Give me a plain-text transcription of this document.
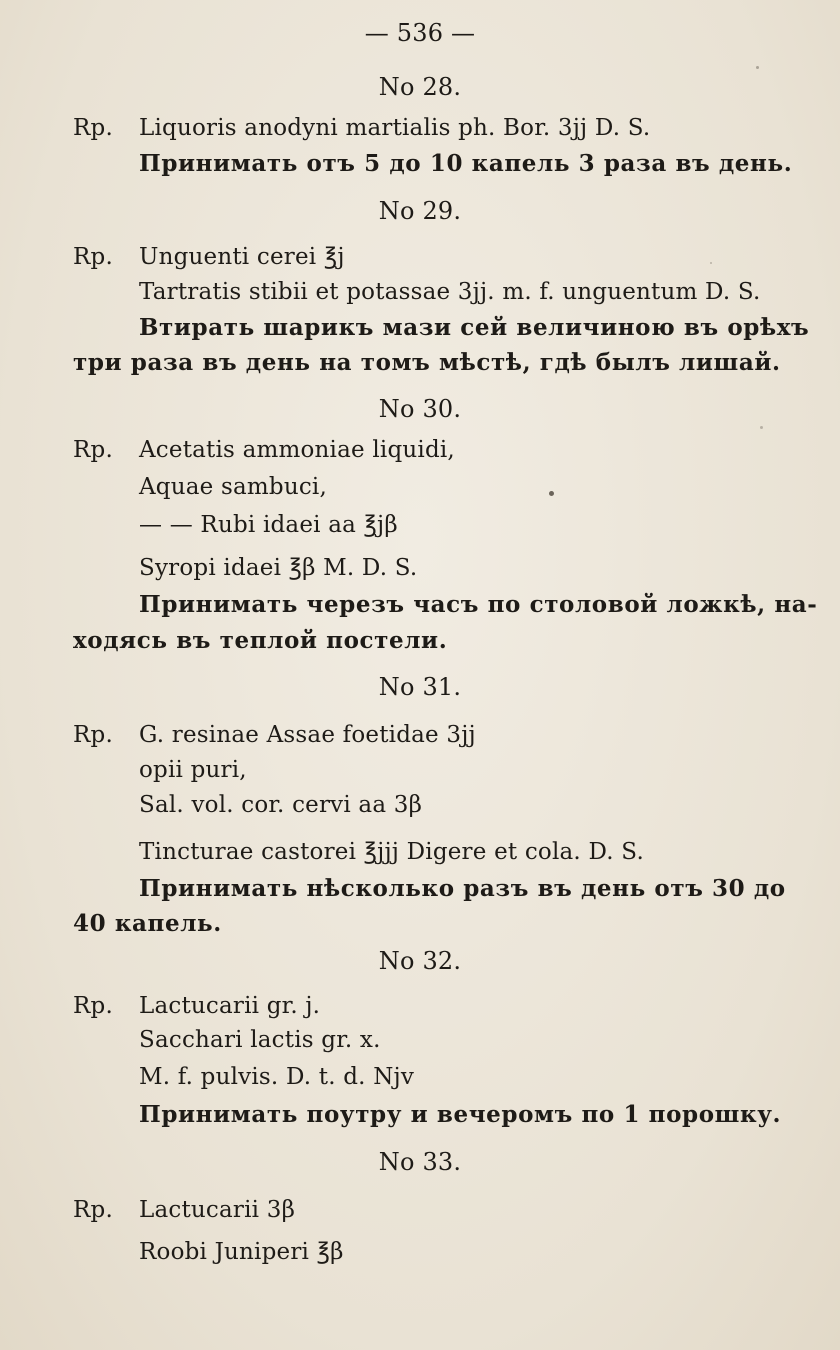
— 536 —
No 28.
Rp. Liquoris anodyni martialis ph. Bor. 3jj D. S.
Принимать отъ 5 до 10 капель 3 раза въ день.
No 29.
Rp. Unguenti cerei ℥j
Tartratis stibii et potassae 3jj. m. f. unguentum D. S.
Втирать шарикъ мази сей величиною въ орѣхъ
три раза въ день на томъ мѣстѣ, гдѣ былъ лишай.
No 30.
Rp. Acetatis ammoniae liquidi,
Aquae sambuci,
— — Rubi idaei aa ℥jβ
Syropi idaei ℥β M. D. S.
Принимать черезъ часъ по столовой ложкѣ, на-
ходясь въ теплой постели.
No 31.
Rp. G. resinae Assae foetidae 3jj
opii puri,
Sal. vol. cor. cervi aa 3β
Tincturae castorei ℥jjj Digere et cola. D. S.
Принимать нѣсколько разъ въ день отъ 30 до
40 капель.
No 32.
Rp. Lactucarii gr. j.
Sacchari lactis gr. x.
M. f. pulvis. D. t. d. Njv
Принимать поутру и вечеромъ по 1 порошку.
No 33.
Rp. Lactucarii 3β
Roobi Juniperi ℥β
